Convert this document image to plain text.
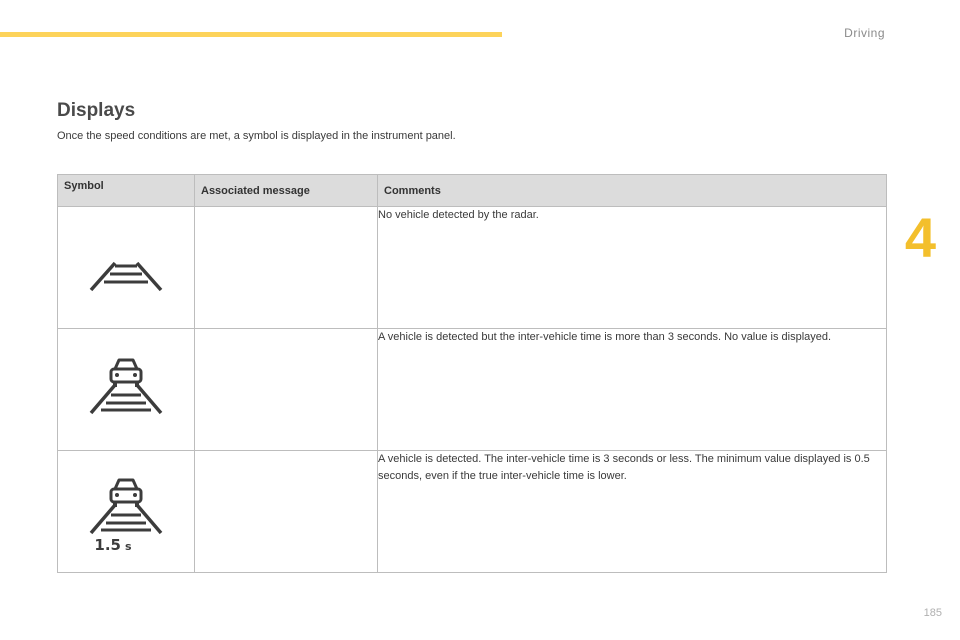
Driving
4
185
Displays
Once the speed conditions are met, a symbol is displayed in the instrument panel.
Symbol	Associated message	Comments

		No vehicle detected by the radar.

		A vehicle is detected but the inter-vehicle time is more than 3 seconds. No value is displayed.

1.5 s		A vehicle is detected. The inter-vehicle time is 3 seconds or less. The minimum value displayed is 0.5 seconds, even if the true inter-vehicle time is lower.
